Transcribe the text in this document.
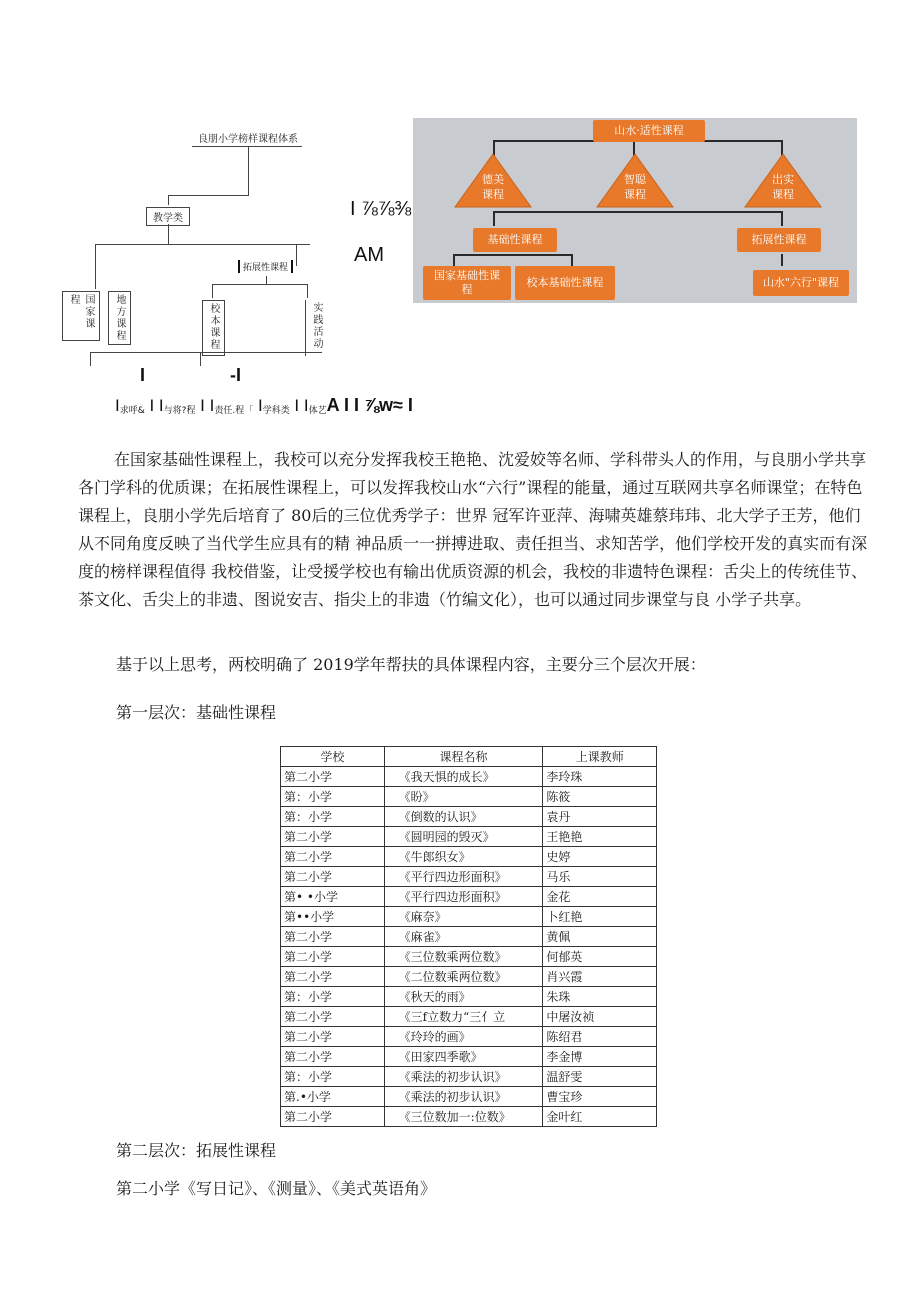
良朋小学榜样课程体系
教学类
拓展性课程
国家课程	地方课程	校本课程	实践活动
I ⅞⅞⅜
AM
I                 -I
I 求呼& I I 与将?程 I I 责任.程「 I 学科类 I I 体艺 A I I ⅞w≈ I
山水·适性课程
德美课程
智聪课程
岀实课程
基础性课程	拓展性课程
国家基础性课程
校本基础性课程	山水"六行"课程

在国家基础性课程上，我校可以充分发挥我校王艳艳、沈爱姣等名师、学科带头人的作用，与良朋小学共享各门学科的优质课；在拓展性课程上，可以发挥我校山水“六行”课程的能量，通过互联网共享名师课堂；在特色课程上，良朋小学先后培育了 80后的三位优秀学子：世界 冠军许亚萍、海啸英雄蔡玮玮、北大学子王芳，他们从不同角度反映了当代学生应具有的精 神品质一一拼搏进取、责任担当、求知苦学，他们学校开发的真实而有深度的榜样课程值得 我校借鉴，让受援学校也有输出优质资源的机会，我校的非遗特色课程：舌尖上的传统佳节、 茶文化、舌尖上的非遗、图说安吉、指尖上的非遗（竹编文化），也可以通过同步课堂与良 小学子共享。

基于以上思考，两校明确了 2019学年帮扶的具体课程内容，主要分三个层次开展：

第一层次：基础性课程

学校	课程名称	上课教师
第二小学	《我天惧的成长》	李玲珠
第：小学	《盼》	陈筱
第：小学	《倒数的认识》	袁丹
第二小学	《圆明园的毁灭》	王艳艳
第二小学	《牛郎织女》	史婷
第二小学	《平行四边形面积》	马乐
第• •小学	《平行四边形面积》	金花
第••小学	《麻奈》	卜红艳
第二小学	《麻雀》	黄佩
第二小学	《三位数乘两位数》	何郁英
第二小学	《二位数乘两位数》	肖兴霞
第：小学	《秋天的雨》	朱珠
第二小学	《三f立数力“三亻立	中屠汝祯
第二小学	《玲玲的画》	陈绍君
第二小学	《田家四季歌》	李金博
第：小学	《乘法的初步认识》	温舒雯
第.•小学	《乘法的初步认识》	曹宝珍
第二小学	《三位数加一:位数》	金叶红

第二层次：拓展性课程

第二小学《写日记》、《测量》、《美式英语角》
